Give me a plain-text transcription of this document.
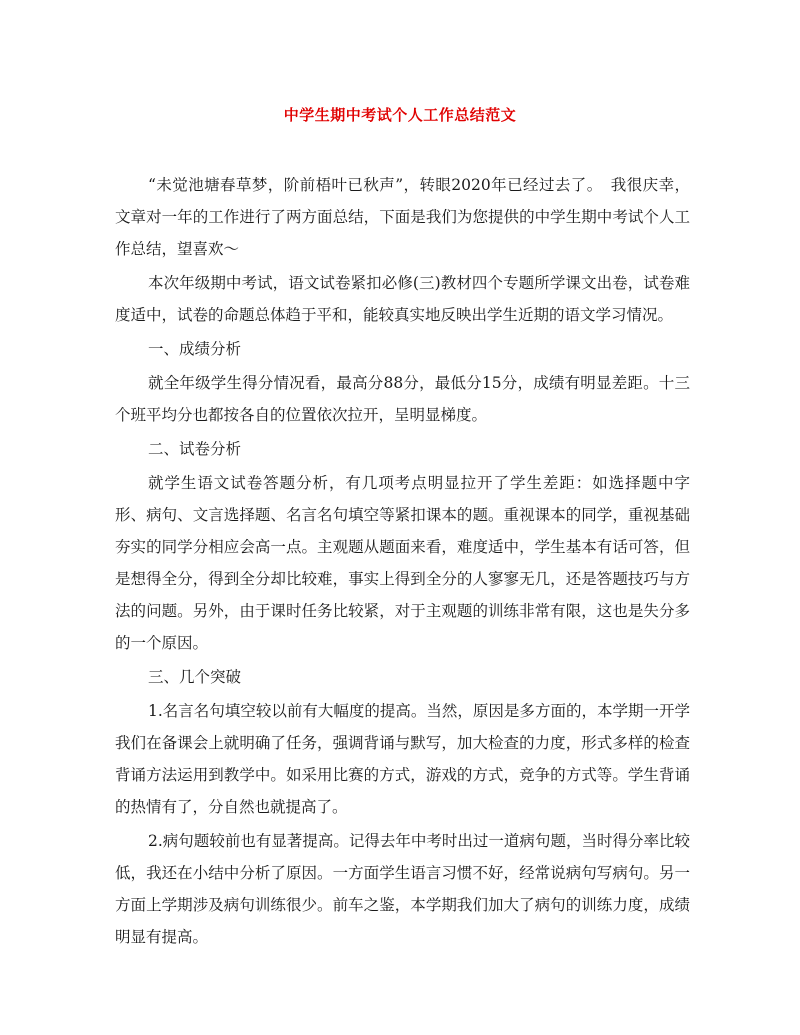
中学生期中考试个人工作总结范文

“未觉池塘春草梦，阶前梧叶已秋声”，转眼2020年已经过去了。　我很庆幸，文章对一年的工作进行了两方面总结，下面是我们为您提供的中学生期中考试个人工作总结，望喜欢～

本次年级期中考试，语文试卷紧扣必修(三)教材四个专题所学课文出卷，试卷难度适中，试卷的命题总体趋于平和，能较真实地反映出学生近期的语文学习情况。

一、成绩分析

就全年级学生得分情况看，最高分88分，最低分15分，成绩有明显差距。十三个班平均分也都按各自的位置依次拉开，呈明显梯度。

二、试卷分析

就学生语文试卷答题分析，有几项考点明显拉开了学生差距：如选择题中字形、病句、文言选择题、名言名句填空等紧扣课本的题。重视课本的同学，重视基础夯实的同学分相应会高一点。主观题从题面来看，难度适中，学生基本有话可答，但是想得全分，得到全分却比较难，事实上得到全分的人寥寥无几，还是答题技巧与方法的问题。另外，由于课时任务比较紧，对于主观题的训练非常有限，这也是失分多的一个原因。

三、几个突破

1.名言名句填空较以前有大幅度的提高。当然，原因是多方面的，本学期一开学我们在备课会上就明确了任务，强调背诵与默写，加大检查的力度，形式多样的检查背诵方法运用到教学中。如采用比赛的方式，游戏的方式，竞争的方式等。学生背诵的热情有了，分自然也就提高了。

2.病句题较前也有显著提高。记得去年中考时出过一道病句题，当时得分率比较低，我还在小结中分析了原因。一方面学生语言习惯不好，经常说病句写病句。另一方面上学期涉及病句训练很少。前车之鉴，本学期我们加大了病句的训练力度，成绩明显有提高。
